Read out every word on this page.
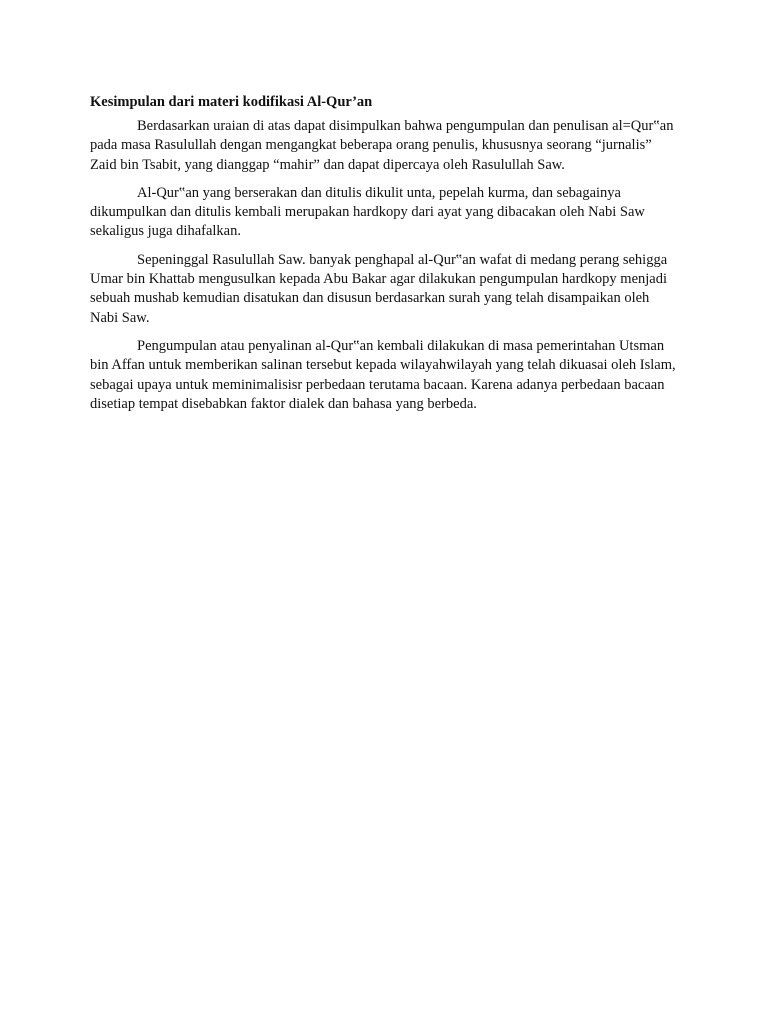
Kesimpulan dari materi kodifikasi Al-Qur’an

Berdasarkan uraian di atas dapat disimpulkan bahwa pengumpulan dan penulisan al=Qur‟an pada masa Rasulullah dengan mengangkat beberapa orang penulis, khususnya seorang “jurnalis” Zaid bin Tsabit, yang dianggap “mahir” dan dapat dipercaya oleh Rasulullah Saw.

Al-Qur‟an yang berserakan dan ditulis dikulit unta, pepelah kurma, dan sebagainya dikumpulkan dan ditulis kembali merupakan hardkopy dari ayat yang dibacakan oleh Nabi Saw sekaligus juga dihafalkan.

Sepeninggal Rasulullah Saw. banyak penghapal al-Qur‟an wafat di medang perang sehigga Umar bin Khattab mengusulkan kepada Abu Bakar agar dilakukan pengumpulan hardkopy menjadi sebuah mushab kemudian disatukan dan disusun berdasarkan surah yang telah disampaikan oleh Nabi Saw.

Pengumpulan atau penyalinan al-Qur‟an kembali dilakukan di masa pemerintahan Utsman bin Affan untuk memberikan salinan tersebut kepada wilayahwilayah yang telah dikuasai oleh Islam, sebagai upaya untuk meminimalisisr perbedaan terutama bacaan. Karena adanya perbedaan bacaan disetiap tempat disebabkan faktor dialek dan bahasa yang berbeda.
